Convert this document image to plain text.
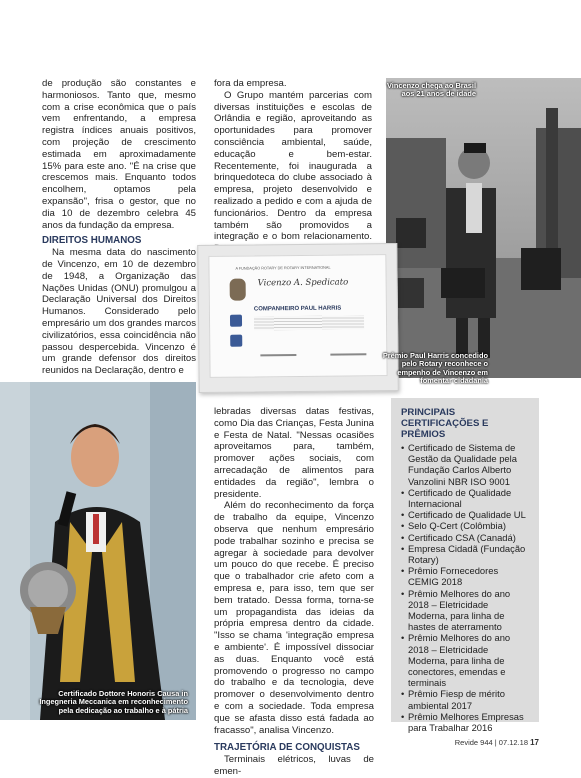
de produção são constantes e harmoniosos. Tanto que, mesmo com a crise econômica que o país vem enfrentando, a empresa registra índices anuais positivos, com projeção de crescimento estimada em aproximadamente 15% para este ano. "É na crise que crescemos mais. Enquanto todos encolhem, optamos pela expansão", frisa o gestor, que no dia 10 de dezembro celebra 45 anos da fundação da empresa.

DIREITOS HUMANOS

Na mesma data do nascimento de Vincenzo, em 10 de dezembro de 1948, a Organização das Nações Unidas (ONU) promulgou a Declaração Universal dos Direitos Humanos. Considerado pelo empresário um dos grandes marcos civilizatórios, essa coincidência não passou despercebida. Vincenzo é um grande defensor dos direitos reunidos na Declaração, dentro e

fora da empresa.

O Grupo mantém parcerias com diversas instituições e escolas de Orlândia e região, aproveitando as oportunidades para promover consciência ambiental, saúde, educação e bem-estar. Recentemente, foi inaugurada a brinquedoteca do clube associado à empresa, projeto desenvolvido e realizado a pedido e com a ajuda de funcionários. Dentro da empresa também são promovidos a integração e o bom relacionamento.

Vincenzo chega ao Brasil aos 21 anos de idade
A FUNDAÇÃO ROTARY DE ROTARY INTERNATIONAL
Vicenzo A. Spedicato
COMPANHEIRO PAUL HARRIS
Prêmio Paul Harris concedido pelo Rotary reconhece o empenho de Vincenzo em fomentar cidadania
Certificado Dottore Honoris Causa in Ingegneria Meccanica em reconhecimento pela dedicação ao trabalho e à pátria

lebradas diversas datas festivas, como Dia das Crianças, Festa Junina e Festa de Natal. "Nessas ocasiões aproveitamos para, também, promover ações sociais, com arrecadação de alimentos para entidades da região", lembra o presidente.

Além do reconhecimento da força de trabalho da equipe, Vincenzo observa que nenhum empresário pode trabalhar sozinho e precisa se agregar à sociedade para devolver um pouco do que recebe. É preciso que o trabalhador crie afeto com a empresa e, para isso, tem que ser bem tratado. Dessa forma, torna-se um propagandista das ideias da própria empresa dentro da cidade. "Isso se chama 'integração empresa e ambiente'. É impossível dissociar as duas. Enquanto você está promovendo o progresso no campo do trabalho e da tecnologia, deve promover o desenvolvimento dentro e com a sociedade. Toda empresa que se afasta disso está fadada ao fracasso", analisa Vincenzo.

TRAJETÓRIA DE CONQUISTAS

Terminais elétricos, luvas de emen-

PRINCIPAIS CERTIFICAÇÕES E PRÊMIOS
• Certificado de Sistema de Gestão da Qualidade pela Fundação Carlos Alberto Vanzolini NBR ISO 9001
• Certificado de Qualidade Internacional
• Certificado de Qualidade UL
• Selo Q-Cert (Colômbia)
• Certificado CSA (Canadá)
• Empresa Cidadã (Fundação Rotary)
• Prêmio Fornecedores CEMIG 2018
• Prêmio Melhores do ano 2018 – Eletricidade Moderna, para linha de hastes de aterramento
• Prêmio Melhores do ano 2018 – Eletricidade Moderna, para linha de conectores, emendas e terminais
• Prêmio Fiesp de mérito ambiental 2017
• Prêmio Melhores Empresas para Trabalhar 2016
Revide 944 | 07.12.18 17
